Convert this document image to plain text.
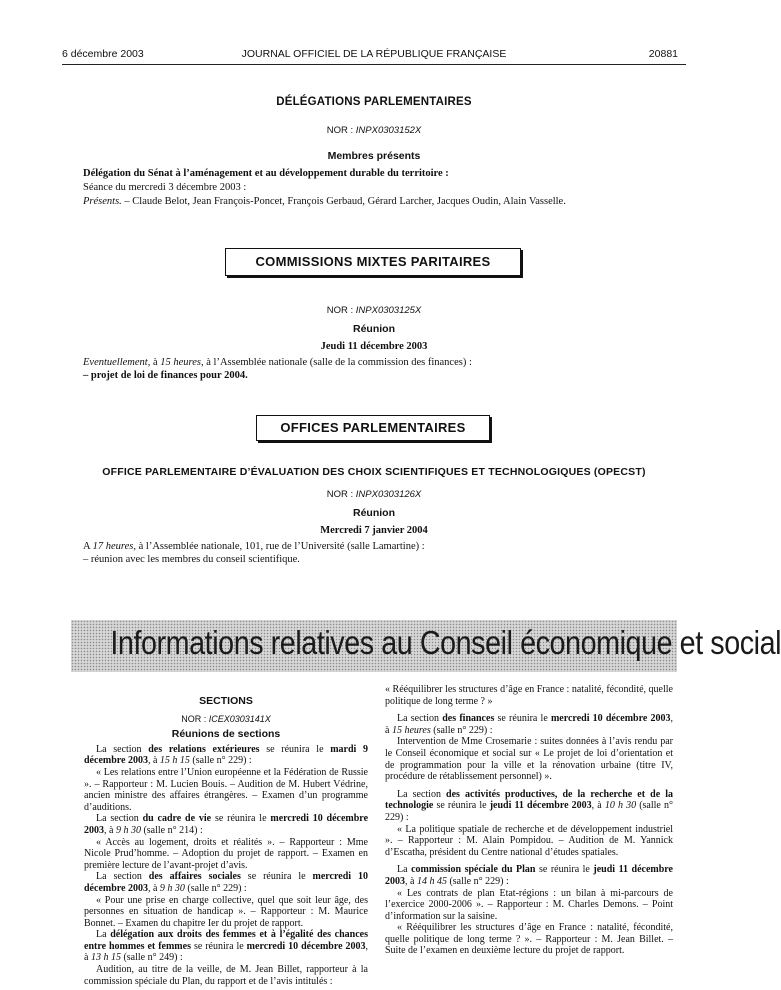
6 décembre 2003	JOURNAL OFFICIEL DE LA RÉPUBLIQUE FRANÇAISE	20881
DÉLÉGATIONS PARLEMENTAIRES
NOR : INPX0303152X
Membres présents
Délégation du Sénat à l’aménagement et au développement durable du territoire :
Séance du mercredi 3 décembre 2003 :
Présents. – Claude Belot, Jean François-Poncet, François Gerbaud, Gérard Larcher, Jacques Oudin, Alain Vasselle.
COMMISSIONS MIXTES PARITAIRES
NOR : INPX0303125X
Réunion
Jeudi 11 décembre 2003
Eventuellement, à 15 heures, à l’Assemblée nationale (salle de la commission des finances) :
– projet de loi de finances pour 2004.
OFFICES PARLEMENTAIRES
OFFICE PARLEMENTAIRE D’ÉVALUATION DES CHOIX SCIENTIFIQUES ET TECHNOLOGIQUES (OPECST)
NOR : INPX0303126X
Réunion
Mercredi 7 janvier 2004
A 17 heures, à l’Assemblée nationale, 101, rue de l’Université (salle Lamartine) :
– réunion avec les membres du conseil scientifique.
Informations relatives au Conseil économique et social

SECTIONS

NOR : ICEX0303141X

Réunions de sections

La section des relations extérieures se réunira le mardi 9 décembre 2003, à 15 h 15 (salle n° 229) :

« Les relations entre l’Union européenne et la Fédération de Russie ». – Rapporteur : M. Lucien Bouis. – Audition de M. Hubert Védrine, ancien ministre des affaires étrangères. – Examen d’un programme d’auditions.

La section du cadre de vie se réunira le mercredi 10 décembre 2003, à 9 h 30 (salle n° 214) :

« Accès au logement, droits et réalités ». – Rapporteur : Mme Nicole Prud’homme. – Adoption du projet de rapport. – Examen en première lecture de l’avant-projet d’avis.

La section des affaires sociales se réunira le mercredi 10 décembre 2003, à 9 h 30 (salle n° 229) :

« Pour une prise en charge collective, quel que soit leur âge, des personnes en situation de handicap ». – Rapporteur : M. Maurice Bonnet. – Examen du chapitre Ier du projet de rapport.

La délégation aux droits des femmes et à l’égalité des chances entre hommes et femmes se réunira le mercredi 10 décembre 2003, à 13 h 15 (salle n° 249) :

Audition, au titre de la veille, de M. Jean Billet, rapporteur à la commission spéciale du Plan, du rapport et de l’avis intitulés :

« Rééquilibrer les structures d’âge en France : natalité, fécondité, quelle politique de long terme ? »

La section des finances se réunira le mercredi 10 décembre 2003, à 15 heures (salle n° 229) :

Intervention de Mme Crosemarie : suites données à l’avis rendu par le Conseil économique et social sur « Le projet de loi d’orientation et de programmation pour la ville et la rénovation urbaine (titre IV, procédure de rétablissement personnel) ».

La section des activités productives, de la recherche et de la technologie se réunira le jeudi 11 décembre 2003, à 10 h 30 (salle n° 229) :

« La politique spatiale de recherche et de développement industriel ». – Rapporteur : M. Alain Pompidou. – Audition de M. Yannick d’Escatha, président du Centre national d’études spatiales.

La commission spéciale du Plan se réunira le jeudi 11 décembre 2003, à 14 h 45 (salle n° 229) :

« Les contrats de plan Etat-régions : un bilan à mi-parcours de l’exercice 2000-2006 ». – Rapporteur : M. Charles Demons. – Point d’information sur la saisine.

« Rééquilibrer les structures d’âge en France : natalité, fécondité, quelle politique de long terme ? ». – Rapporteur : M. Jean Billet. – Suite de l’examen en deuxième lecture du projet de rapport.
